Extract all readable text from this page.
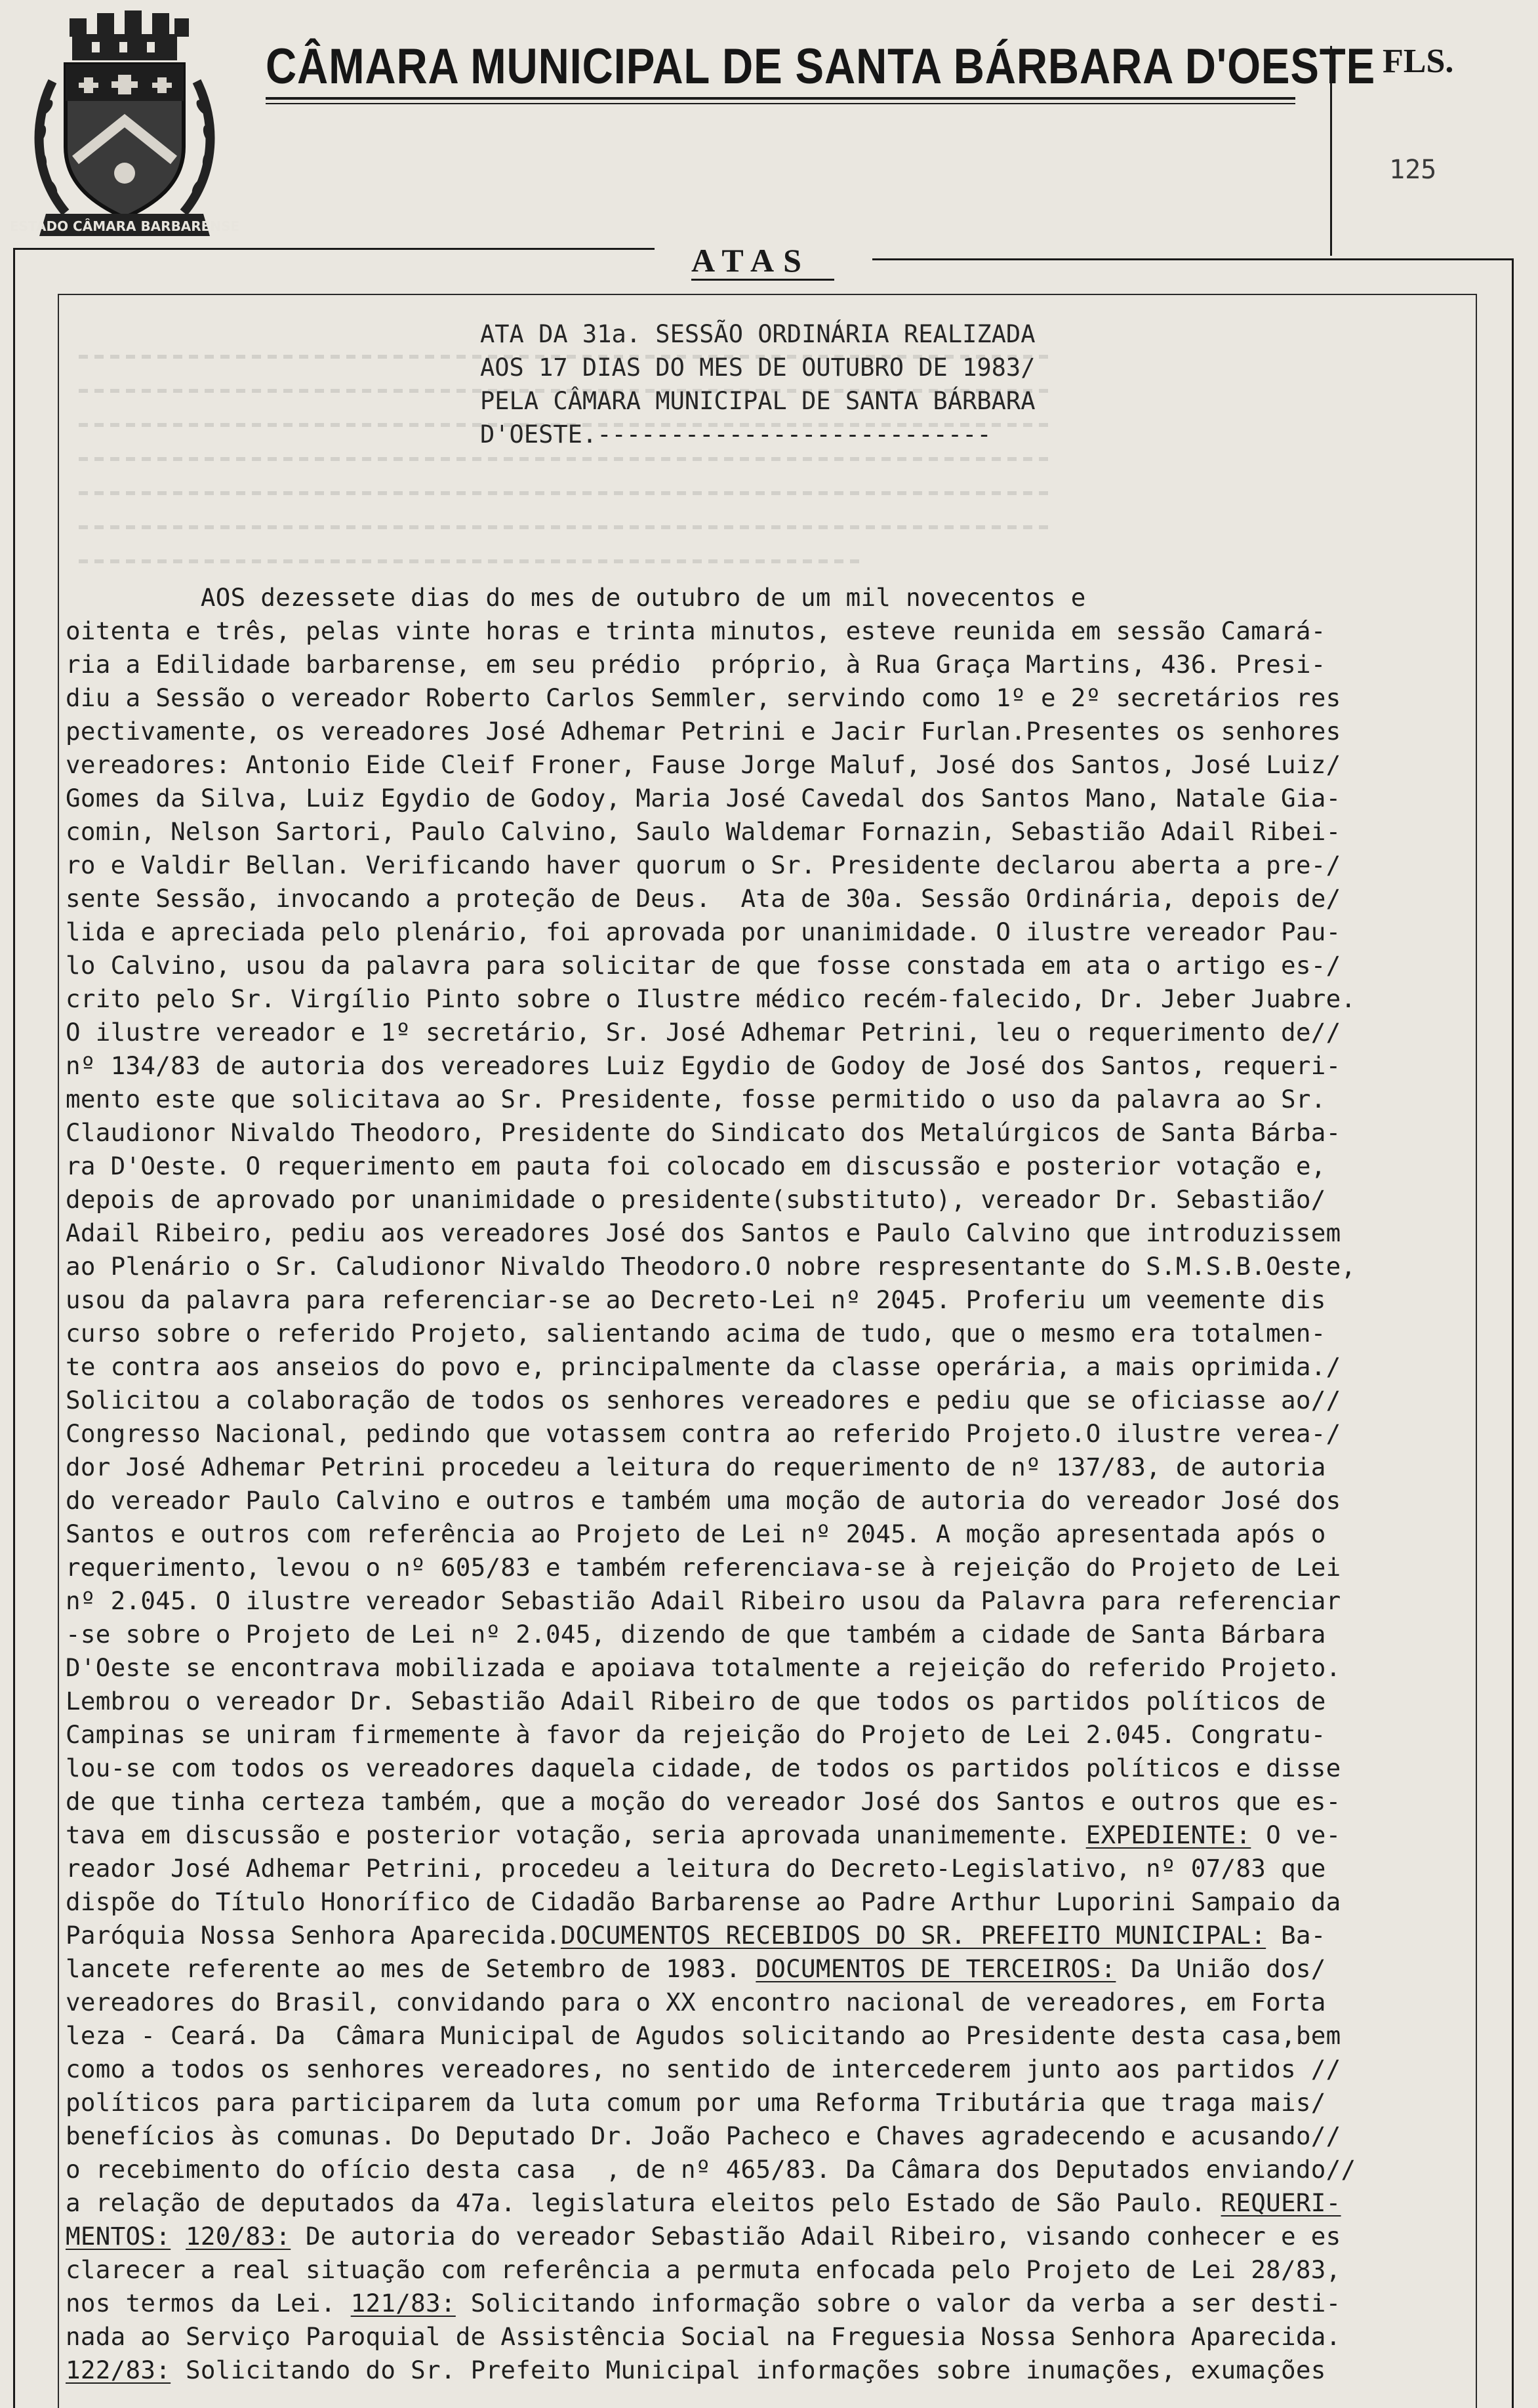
ESTADO CÂMARA BARBARENSE
CÂMARA MUNICIPAL DE SANTA BÁRBARA D'OESTE FLS.
125
ATAS
ATA DA 31a. SESSÃO ORDINÁRIA REALIZADA
AOS 17 DIAS DO MES DE OUTUBRO DE 1983/
PELA CÂMARA MUNICIPAL DE SANTA BÁRBARA
D'OESTE.---------------------------
AOS dezessete dias do mes de outubro de um mil novecentos e
oitenta e três, pelas vinte horas e trinta minutos, esteve reunida em sessão Camará-
ria a Edilidade barbarense, em seu prédio  próprio, à Rua Graça Martins, 436. Presi-
diu a Sessão o vereador Roberto Carlos Semmler, servindo como 1º e 2º secretários res
pectivamente, os vereadores José Adhemar Petrini e Jacir Furlan.Presentes os senhores
vereadores: Antonio Eide Cleif Froner, Fause Jorge Maluf, José dos Santos, José Luiz/
Gomes da Silva, Luiz Egydio de Godoy, Maria José Cavedal dos Santos Mano, Natale Gia-
comin, Nelson Sartori, Paulo Calvino, Saulo Waldemar Fornazin, Sebastião Adail Ribei-
ro e Valdir Bellan. Verificando haver quorum o Sr. Presidente declarou aberta a pre-/
sente Sessão, invocando a proteção de Deus.  Ata de 30a. Sessão Ordinária, depois de/
lida e apreciada pelo plenário, foi aprovada por unanimidade. O ilustre vereador Pau-
lo Calvino, usou da palavra para solicitar de que fosse constada em ata o artigo es-/
crito pelo Sr. Virgílio Pinto sobre o Ilustre médico recém-falecido, Dr. Jeber Juabre.
O ilustre vereador e 1º secretário, Sr. José Adhemar Petrini, leu o requerimento de//
nº 134/83 de autoria dos vereadores Luiz Egydio de Godoy de José dos Santos, requeri-
mento este que solicitava ao Sr. Presidente, fosse permitido o uso da palavra ao Sr.
Claudionor Nivaldo Theodoro, Presidente do Sindicato dos Metalúrgicos de Santa Bárba-
ra D'Oeste. O requerimento em pauta foi colocado em discussão e posterior votação e,
depois de aprovado por unanimidade o presidente(substituto), vereador Dr. Sebastião/
Adail Ribeiro, pediu aos vereadores José dos Santos e Paulo Calvino que introduzissem
ao Plenário o Sr. Caludionor Nivaldo Theodoro.O nobre respresentante do S.M.S.B.Oeste,
usou da palavra para referenciar-se ao Decreto-Lei nº 2045. Proferiu um veemente dis
curso sobre o referido Projeto, salientando acima de tudo, que o mesmo era totalmen-
te contra aos anseios do povo e, principalmente da classe operária, a mais oprimida./
Solicitou a colaboração de todos os senhores vereadores e pediu que se oficiasse ao//
Congresso Nacional, pedindo que votassem contra ao referido Projeto.O ilustre verea-/
dor José Adhemar Petrini procedeu a leitura do requerimento de nº 137/83, de autoria
do vereador Paulo Calvino e outros e também uma moção de autoria do vereador José dos
Santos e outros com referência ao Projeto de Lei nº 2045. A moção apresentada após o
requerimento, levou o nº 605/83 e também referenciava-se à rejeição do Projeto de Lei
nº 2.045. O ilustre vereador Sebastião Adail Ribeiro usou da Palavra para referenciar
-se sobre o Projeto de Lei nº 2.045, dizendo de que também a cidade de Santa Bárbara
D'Oeste se encontrava mobilizada e apoiava totalmente a rejeição do referido Projeto.
Lembrou o vereador Dr. Sebastião Adail Ribeiro de que todos os partidos políticos de
Campinas se uniram firmemente à favor da rejeição do Projeto de Lei 2.045. Congratu-
lou-se com todos os vereadores daquela cidade, de todos os partidos políticos e disse
de que tinha certeza também, que a moção do vereador José dos Santos e outros que es-
tava em discussão e posterior votação, seria aprovada unanimemente. EXPEDIENTE: O ve-
reador José Adhemar Petrini, procedeu a leitura do Decreto-Legislativo, nº 07/83 que
dispõe do Título Honorífico de Cidadão Barbarense ao Padre Arthur Luporini Sampaio da
Paróquia Nossa Senhora Aparecida.DOCUMENTOS RECEBIDOS DO SR. PREFEITO MUNICIPAL: Ba-
lancete referente ao mes de Setembro de 1983. DOCUMENTOS DE TERCEIROS: Da União dos/
vereadores do Brasil, convidando para o XX encontro nacional de vereadores, em Forta
leza - Ceará. Da  Câmara Municipal de Agudos solicitando ao Presidente desta casa,bem
como a todos os senhores vereadores, no sentido de intercederem junto aos partidos //
políticos para participarem da luta comum por uma Reforma Tributária que traga mais/
benefícios às comunas. Do Deputado Dr. João Pacheco e Chaves agradecendo e acusando//
o recebimento do ofício desta casa  , de nº 465/83. Da Câmara dos Deputados enviando//
a relação de deputados da 47a. legislatura eleitos pelo Estado de São Paulo. REQUERI-
MENTOS: 120/83: De autoria do vereador Sebastião Adail Ribeiro, visando conhecer e es
clarecer a real situação com referência a permuta enfocada pelo Projeto de Lei 28/83,
nos termos da Lei. 121/83: Solicitando informação sobre o valor da verba a ser desti-
nada ao Serviço Paroquial de Assistência Social na Freguesia Nossa Senhora Aparecida.
122/83: Solicitando do Sr. Prefeito Municipal informações sobre inumações, exumações
